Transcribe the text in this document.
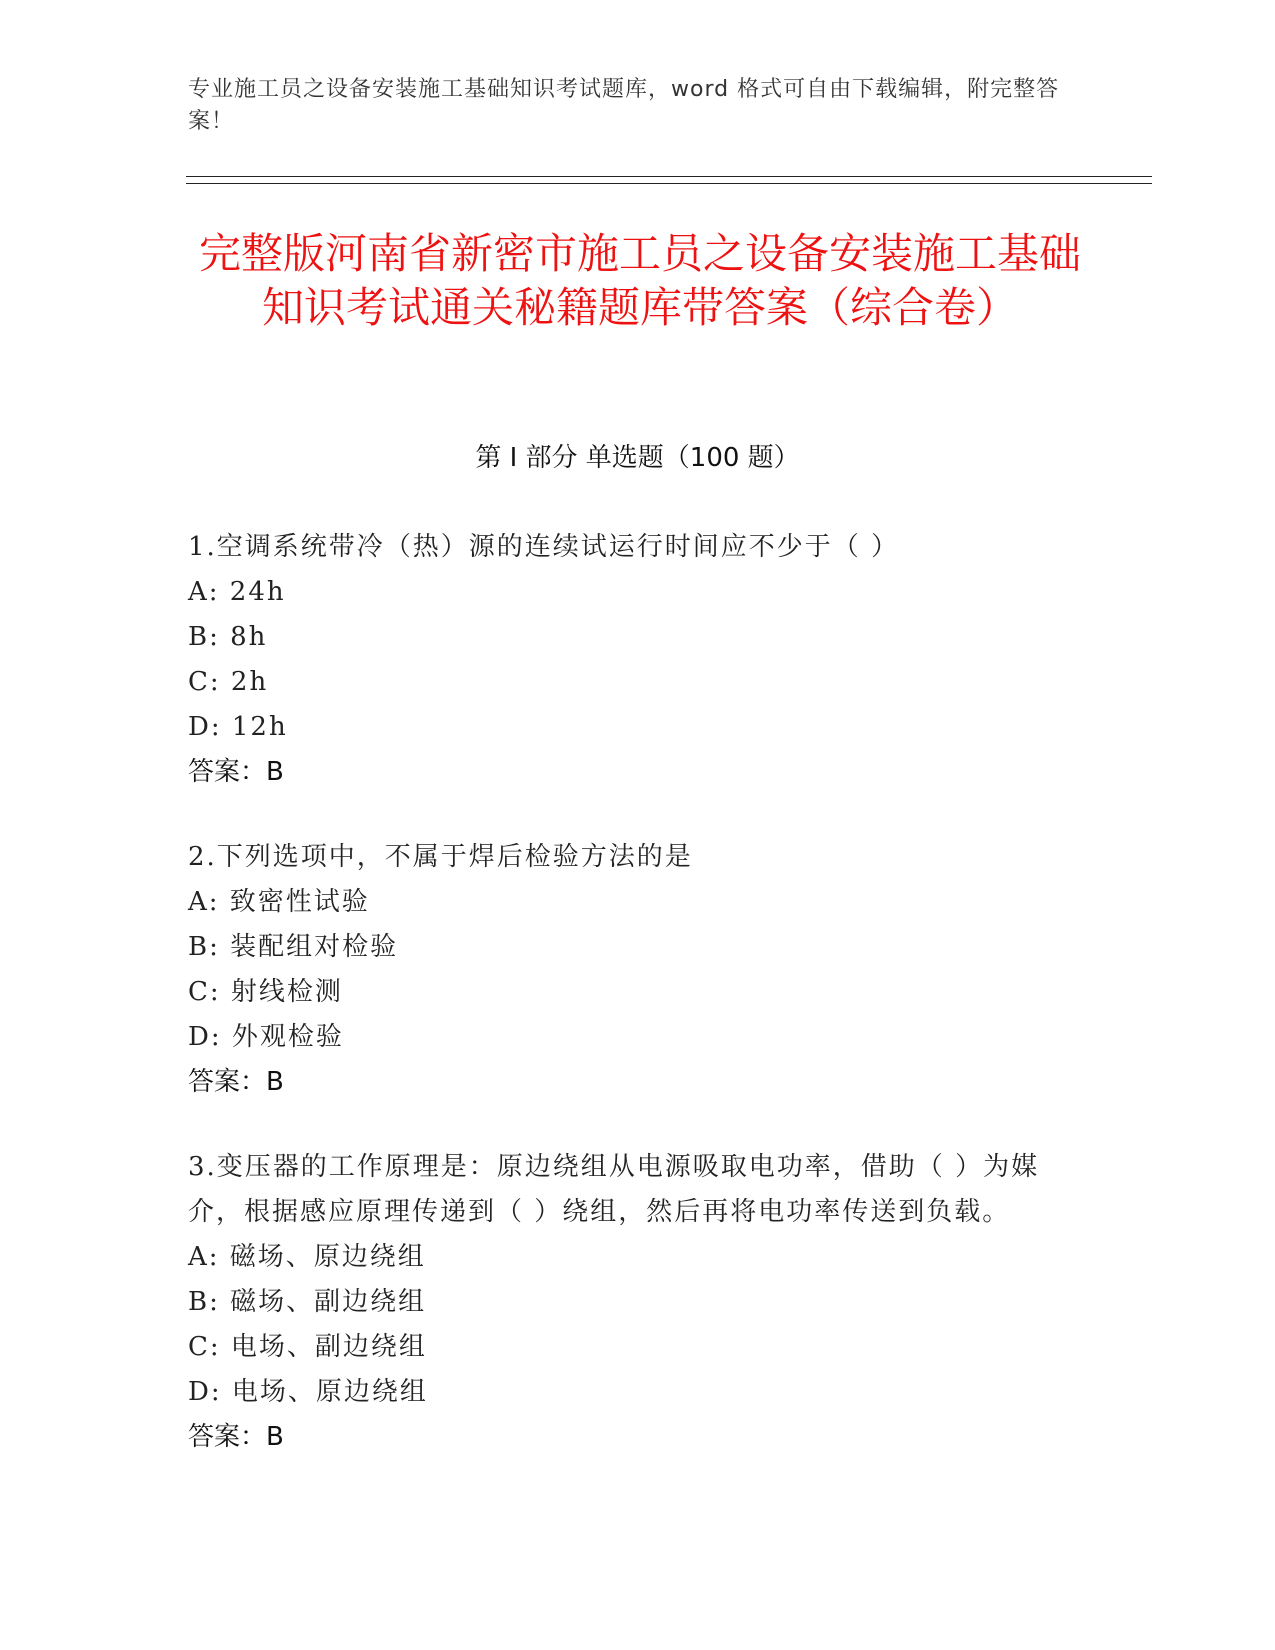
专业施工员之设备安装施工基础知识考试题库，word 格式可自由下载编辑，附完整答案！
完整版河南省新密市施工员之设备安装施工基础知识考试通关秘籍题库带答案（综合卷）
第 I 部分 单选题（100 题）
1.空调系统带冷（热）源的连续试运行时间应不少于（ ）
A: 24h
B: 8h
C: 2h
D: 12h
答案：B
2.下列选项中，不属于焊后检验方法的是
A: 致密性试验
B: 装配组对检验
C: 射线检测
D: 外观检验
答案：B
3.变压器的工作原理是：原边绕组从电源吸取电功率，借助（ ）为媒介，根据感应原理传递到（ ）绕组，然后再将电功率传送到负载。
A: 磁场、原边绕组
B: 磁场、副边绕组
C: 电场、副边绕组
D: 电场、原边绕组
答案：B
